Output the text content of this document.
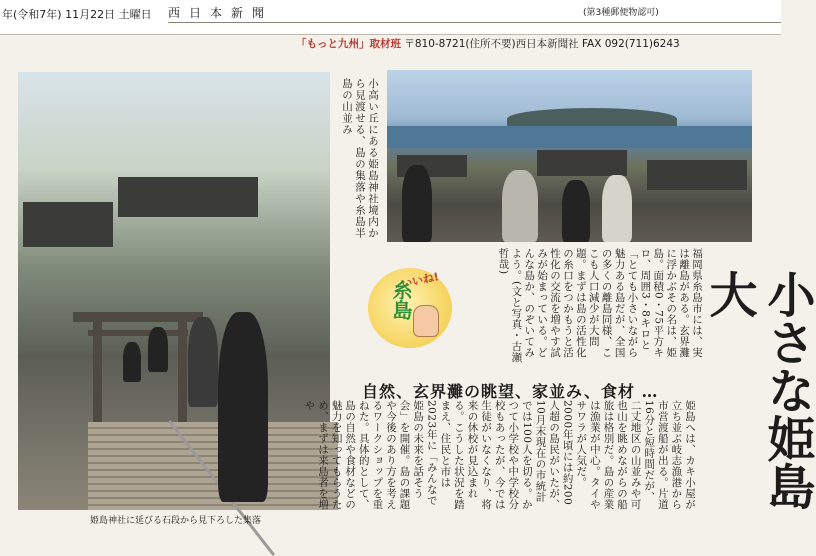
年(令和7年) 11月22日 土曜日 西日本新聞	(第3種郵便物認可)
「もっと九州」取材班 〒810-8721(住所不要)西日本新聞社 FAX 092(711)6243
小高い丘にある姫島神社境内から見渡せる、島の集落や糸島半島の山並み
姫島神社に延びる石段から見下ろした集落
いいね!
糸島	福岡県糸島市には、実は離島がある。玄界灘に浮かぶその名は、姫島。面積0・75平方キロ、周囲3・8キロと「とても小さいながら魅力ある島だが、全国の多くの離島同様、ここも人口減少が大問題。まずは島の活性化の糸口をつかもうと活性化の交流を増やす試みが始まっている。どんな島か、のぞいてみよう。(文と写真・古瀬哲哉)
小さな姫島 大
自然、玄界灘の眺望、家並み、食材 …
姫島へは、カキ小屋が立ち並ぶ岐志漁港から市営渡船が出る。片道16分と短時間だが、二丈地区の山並みや可也山を眺めながらの船旅は格別だ。島の産業は漁業が中心。タイやサワラが人気だ。2000年頃には約200人超の島民がいたが、10月末現在の市統計では100人を切る。かつて小学校や中学校分校もあったが、今では生徒がいなくなり、将来の休校が見込まれる。こうした状況を踏まえ、住民と市は2023年に「みんなで姫島の未来を話そう会」を開催。島の課題や今後のあり方を考えるワークショップを重ねた。具体的として、島の自然や食材などの魅力を知ってもらうため、まずは来島者を増や
